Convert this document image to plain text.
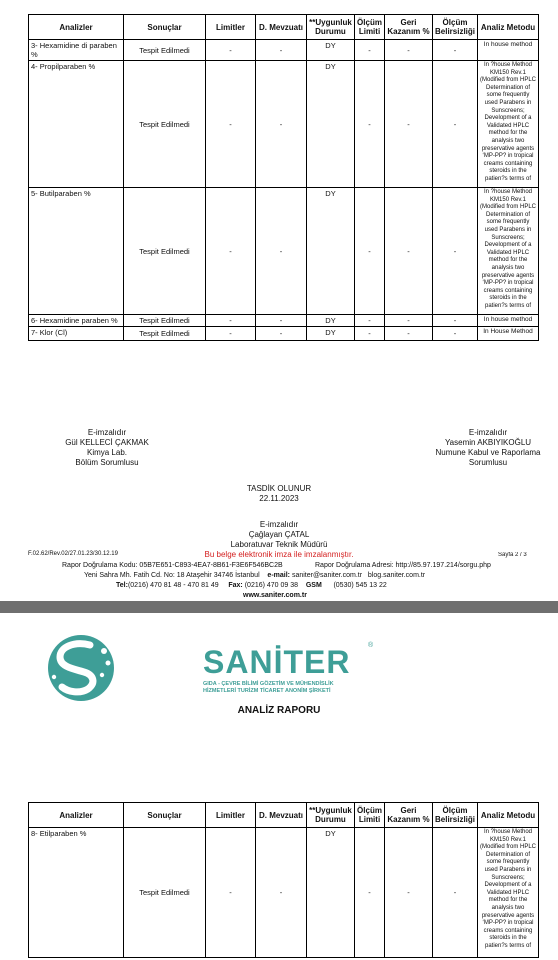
Analizler	Sonuçlar	Limitler	D. Mevzuatı	**Uygunluk Durumu	Ölçüm Limiti	Geri Kazanım %	Ölçüm Belirsizliği	Analiz Metodu
3- Hexamidine di paraben %	Tespit Edilmedi	-	-	DY	-	-	-	In house method
4- Propilparaben %	Tespit Edilmedi	-	-	DY	-	-	-	In ?house Method KM150 Rev.1 (Modified from HPLC Determination of some frequently used Parabens in Sunscreens; Development of a Validated HPLC method for the analysis two preservative agents ‘MP-PP? in tropical creams containing steroids in the patien?s terms of
5- Butilparaben %	Tespit Edilmedi	-	-	DY	-	-	-	In ?house Method KM150 Rev.1 (Modified from HPLC Determination of some frequently used Parabens in Sunscreens; Development of a Validated HPLC method for the analysis two preservative agents ‘MP-PP? in tropical creams containing steroids in the patien?s terms of
6- Hexamidine paraben %	Tespit Edilmedi	-	-	DY	-	-	-	In house method
7- Klor (Cl)	Tespit Edilmedi	-	-	DY	-	-	-	In House Method
E-imzalıdır
Gül KELLECİ ÇAKMAK
Kimya Lab.
Bölüm Sorumlusu
E-imzalıdır
Yasemin AKBIYIKOĞLU
Numune Kabul ve Raporlama
Sorumlusu
TASDİK OLUNUR
22.11.2023
E-imzalıdır
Çağlayan ÇATAL
Laboratuvar Teknik Müdürü
Bu belge elektronik imza ile imzalanmıştır.
F.02.62/Rev.02/27.01.23/30.12.19	Sayfa 2 / 3
Rapor Doğrulama Kodu: 05B7E651-C893-4EA7-8B61-F3E6F546BC2B	Rapor Doğrulama Adresi: http://85.97.197.214/sorgu.php
Yeni Sahra Mh. Fatih Cd. No: 18 Ataşehir 34746 İstanbul e-mail: saniter@saniter.com.tr blog.saniter.com.tr
Tel:(0216) 470 81 48 - 470 81 49 Fax: (0216) 470 09 38 GSM (0530) 545 13 22
www.saniter.com.tr
SANİTER	®
GIDA - ÇEVRE BİLİMİ GÖZETİM VE MÜHENDİSLİK
HİZMETLERİ TURİZM TİCARET ANONİM ŞİRKETİ
ANALİZ RAPORU
Analizler	Sonuçlar	Limitler	D. Mevzuatı	**Uygunluk Durumu	Ölçüm Limiti	Geri Kazanım %	Ölçüm Belirsizliği	Analiz Metodu
8- Etilparaben %	Tespit Edilmedi	-	-	DY	-	-	-	In ?house Method KM150 Rev.1 (Modified from HPLC Determination of some frequently used Parabens in Sunscreens; Development of a Validated HPLC method for the analysis two preservative agents ‘MP-PP? in tropical creams containing steroids in the patien?s terms of
